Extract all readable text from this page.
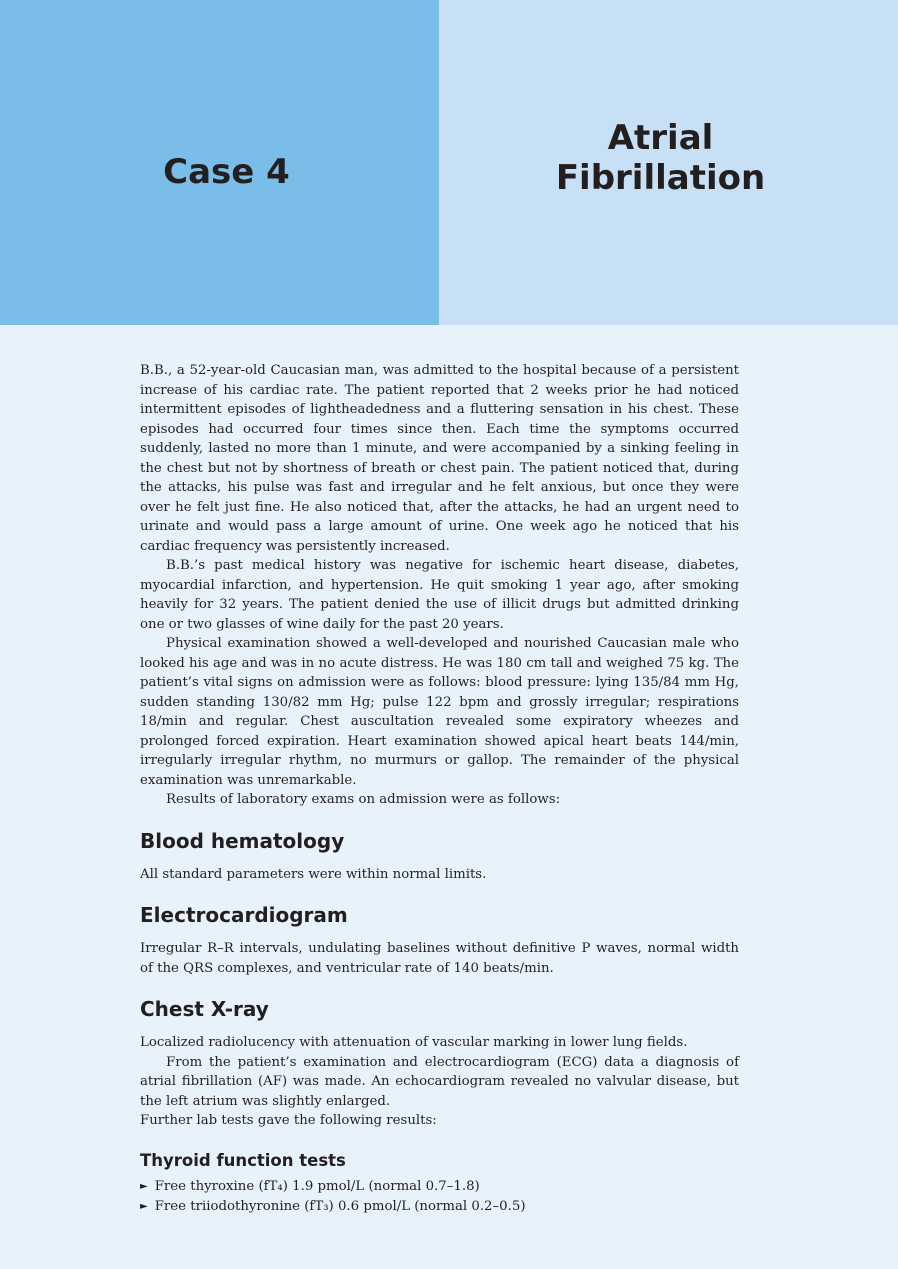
Case 4
Atrial
Fibrillation

B.B., a 52-year-old Caucasian man, was admitted to the hospital because of a persistent increase of his cardiac rate. The patient reported that 2 weeks prior he had noticed intermittent episodes of lightheadedness and a fluttering sensation in his chest. These episodes had occurred four times since then. Each time the symptoms occurred suddenly, lasted no more than 1 minute, and were accompanied by a sinking feeling in the chest but not by shortness of breath or chest pain. The patient noticed that, during the attacks, his pulse was fast and irregular and he felt anxious, but once they were over he felt just fine. He also noticed that, after the attacks, he had an urgent need to urinate and would pass a large amount of urine. One week ago he noticed that his cardiac frequency was persistently increased.

B.B.’s past medical history was negative for ischemic heart disease, diabetes, myocardial infarction, and hypertension. He quit smoking 1 year ago, after smoking heavily for 32 years. The patient denied the use of illicit drugs but admitted drinking one or two glasses of wine daily for the past 20 years.

Physical examination showed a well-developed and nourished Caucasian male who looked his age and was in no acute distress. He was 180 cm tall and weighed 75 kg. The patient’s vital signs on admission were as follows: blood pressure: lying 135/84 mm Hg, sudden standing 130/82 mm Hg; pulse 122 bpm and grossly irregular; respirations 18/min and regular. Chest auscultation revealed some expiratory wheezes and prolonged forced expiration. Heart examination showed apical heart beats 144/min, irregularly irregular rhythm, no murmurs or gallop. The remainder of the physical examination was unremarkable.

Results of laboratory exams on admission were as follows:

Blood hematology

All standard parameters were within normal limits.

Electrocardiogram

Irregular R–R intervals, undulating baselines without definitive P waves, normal width of the QRS complexes, and ventricular rate of 140 beats/min.

Chest X-ray

Localized radiolucency with attenuation of vascular marking in lower lung fields.

From the patient’s examination and electrocardiogram (ECG) data a diagnosis of atrial fibrillation (AF) was made. An echocardiogram revealed no valvular disease, but the left atrium was slightly enlarged.

Further lab tests gave the following results:

Thyroid function tests
► Free thyroxine (fT₄) 1.9 pmol/L (normal 0.7–1.8)
► Free triiodothyronine (fT₃) 0.6 pmol/L (normal 0.2–0.5)
